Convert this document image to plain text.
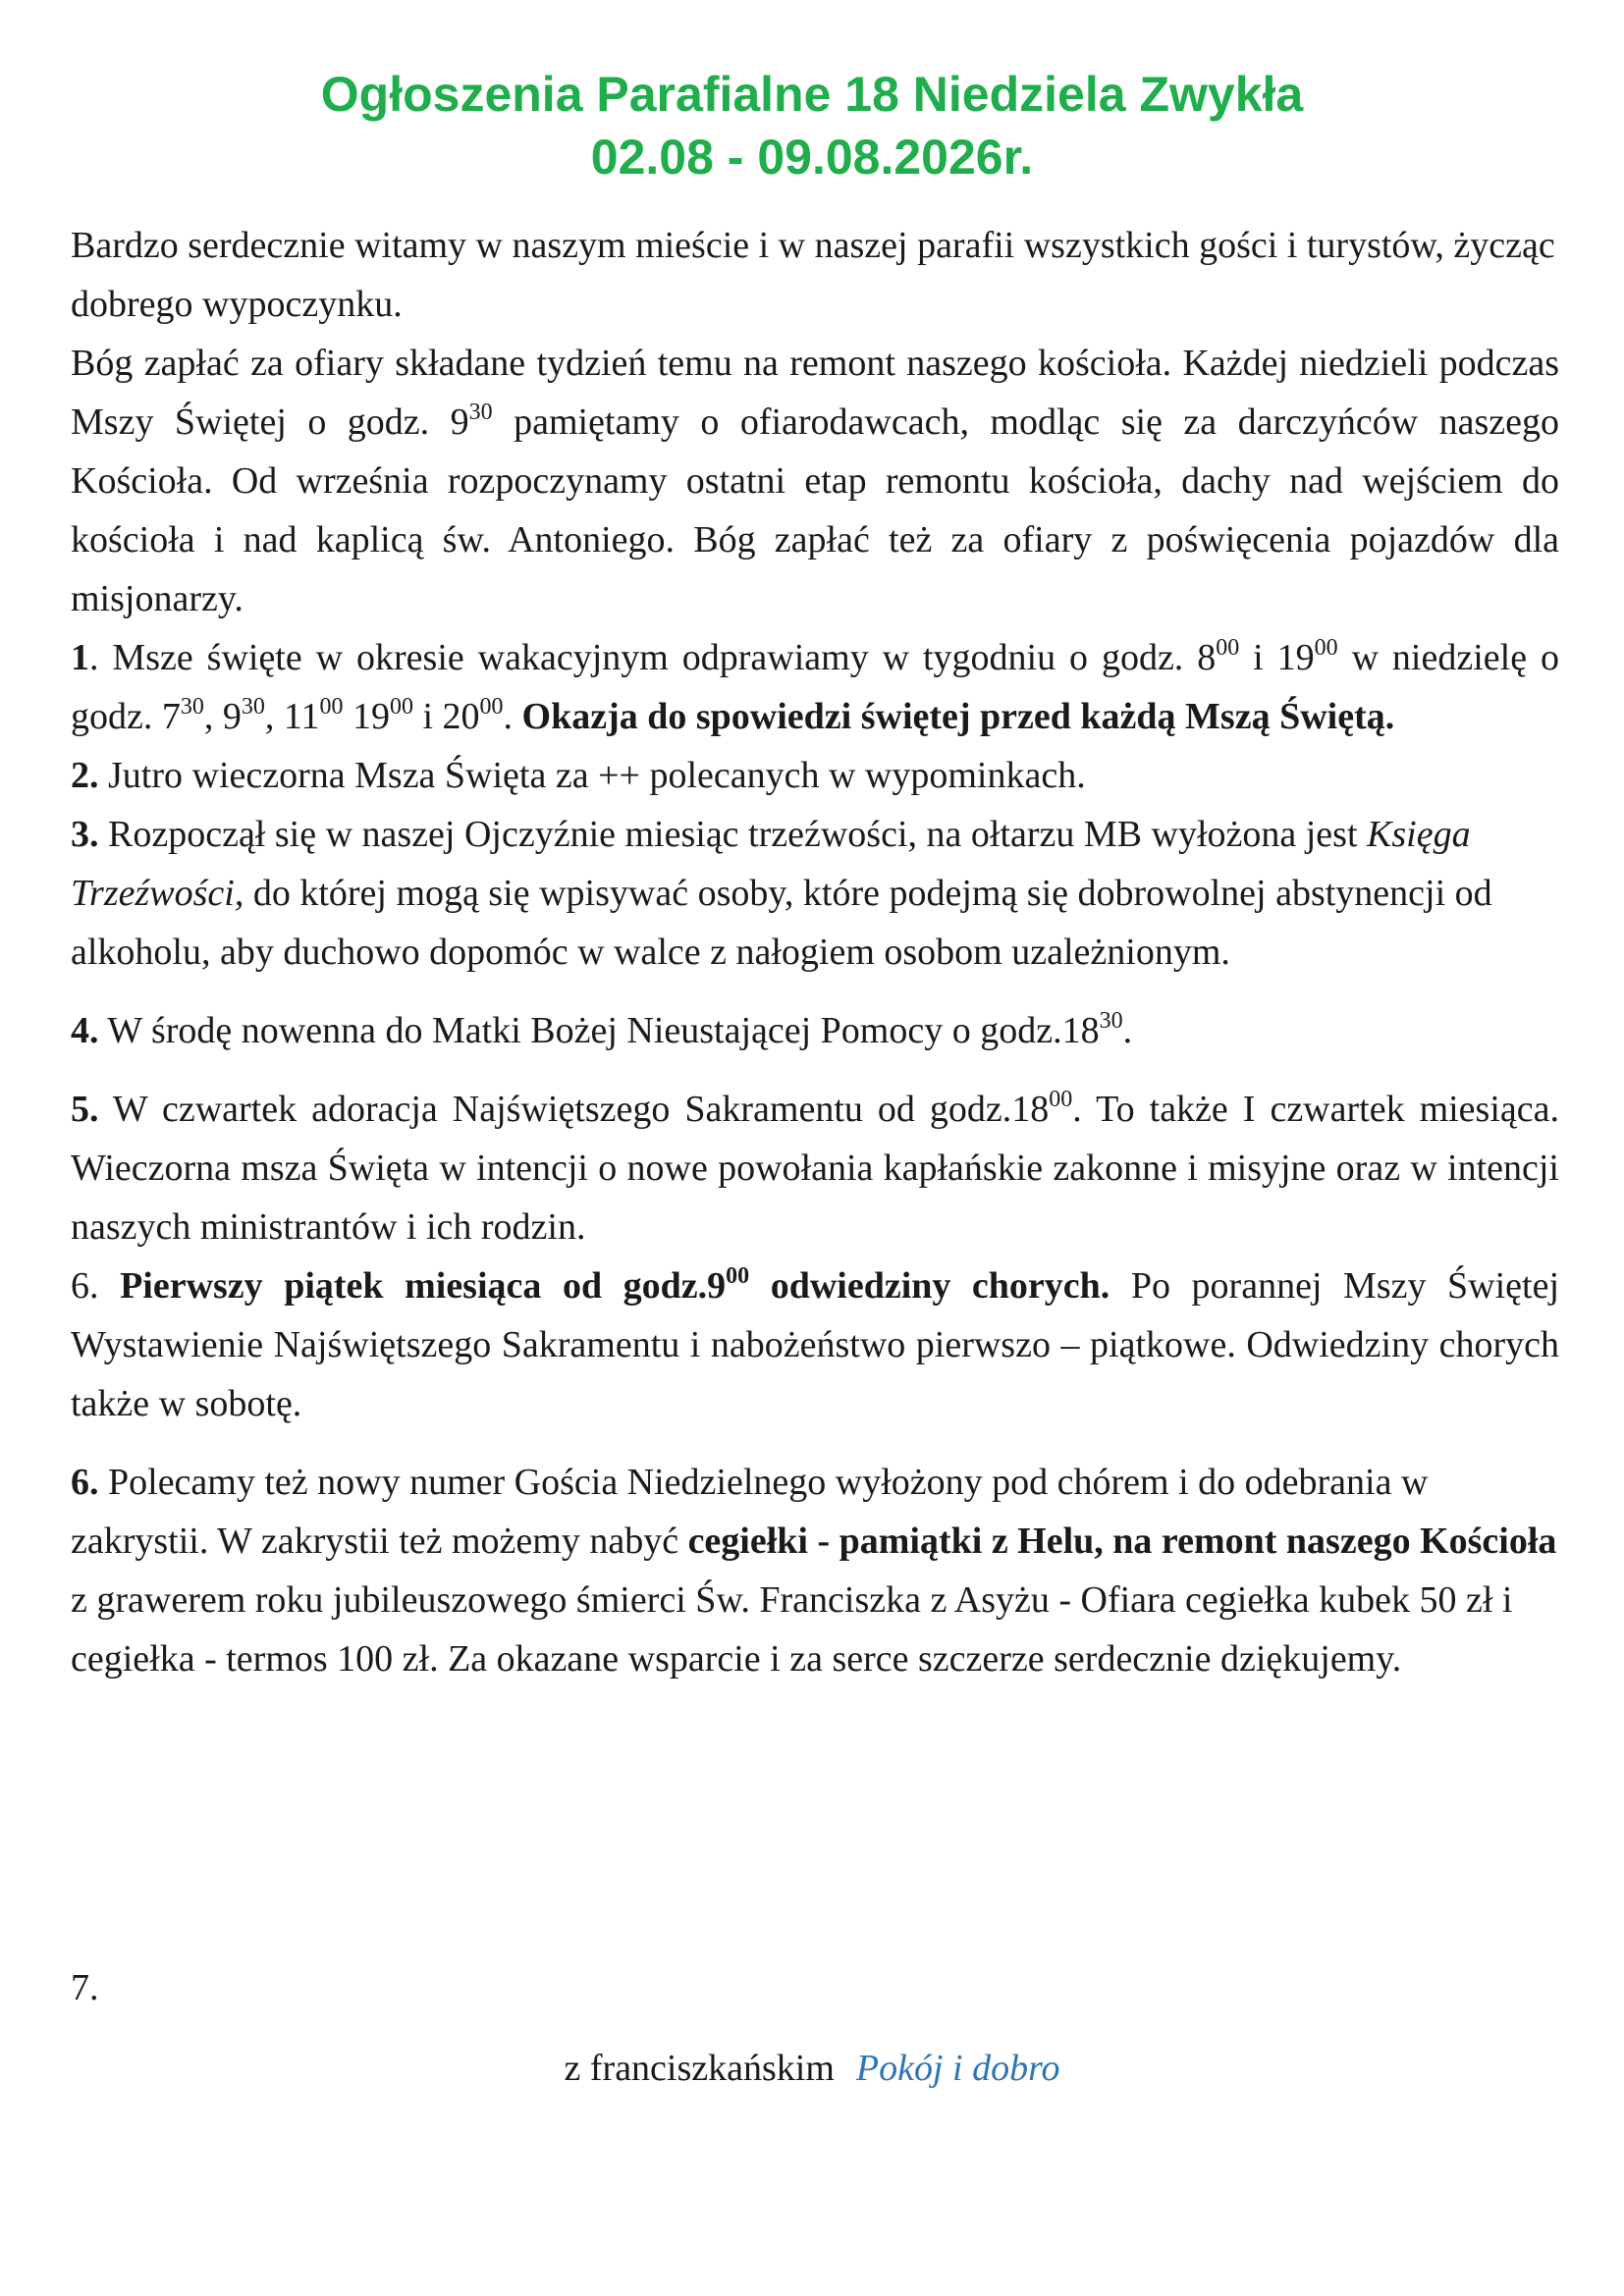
Ogłoszenia Parafialne 18 Niedziela Zwykła
02.08 - 09.08.2026r.

Bardzo serdecznie witamy w naszym mieście i w naszej parafii wszystkich gości i turystów, życząc dobrego wypoczynku.

Bóg zapłać za ofiary składane tydzień temu na remont naszego kościoła. Każdej niedzieli podczas Mszy Świętej o godz. $9^{30}$ pamiętamy o ofiarodawcach, modląc się za darczyńców naszego Kościoła. Od września rozpoczynamy ostatni etap remontu kościoła, dachy nad wejściem do kościoła i nad kaplicą św. Antoniego. Bóg zapłać też za ofiary z poświęcenia pojazdów dla misjonarzy.

1. Msze święte w okresie wakacyjnym odprawiamy w tygodniu o godz. $8^{00}$ i $19^{00}$ w niedzielę o godz. $7^{30}$, $9^{30}$, $11^{00}$ $19^{00}$ i $20^{00}$. Okazja do spowiedzi świętej przed każdą Mszą Świętą.

2. Jutro wieczorna Msza Święta za ++ polecanych w wypominkach.

3. Rozpoczął się w naszej Ojczyźnie miesiąc trzeźwości, na ołtarzu MB wyłożona jest Księga Trzeźwości, do której mogą się wpisywać osoby, które podejmą się dobrowolnej abstynencji od alkoholu, aby duchowo dopomóc w walce z nałogiem osobom uzależnionym.

4. W środę nowenna do Matki Bożej Nieustającej Pomocy o $godz.18^{30}$.

5. W czwartek adoracja Najświętszego Sakramentu od $godz.18^{00}$. To także I czwartek miesiąca. Wieczorna msza Święta w intencji o nowe powołania kapłańskie zakonne i misyjne oraz w intencji naszych ministrantów i ich rodzin.

6. Pierwszy piątek miesiąca od $godz.9^{00}$ odwiedziny chorych. Po porannej Mszy Świętej Wystawienie Najświętszego Sakramentu i nabożeństwo pierwszo – piątkowe. Odwiedziny chorych także w sobotę.

6. Polecamy też nowy numer Gościa Niedzielnego wyłożony pod chórem i do odebrania w zakrystii. W zakrystii też możemy nabyć cegiełki - pamiątki z Helu, na remont naszego Kościoła z grawerem roku jubileuszowego śmierci Św. Franciszka z Asyżu - Ofiara cegiełka kubek 50 zł i cegiełka - termos 100 zł. Za okazane wsparcie i za serce szczerze serdecznie dziękujemy.

7.
z franciszkańskim Pokój i dobro
